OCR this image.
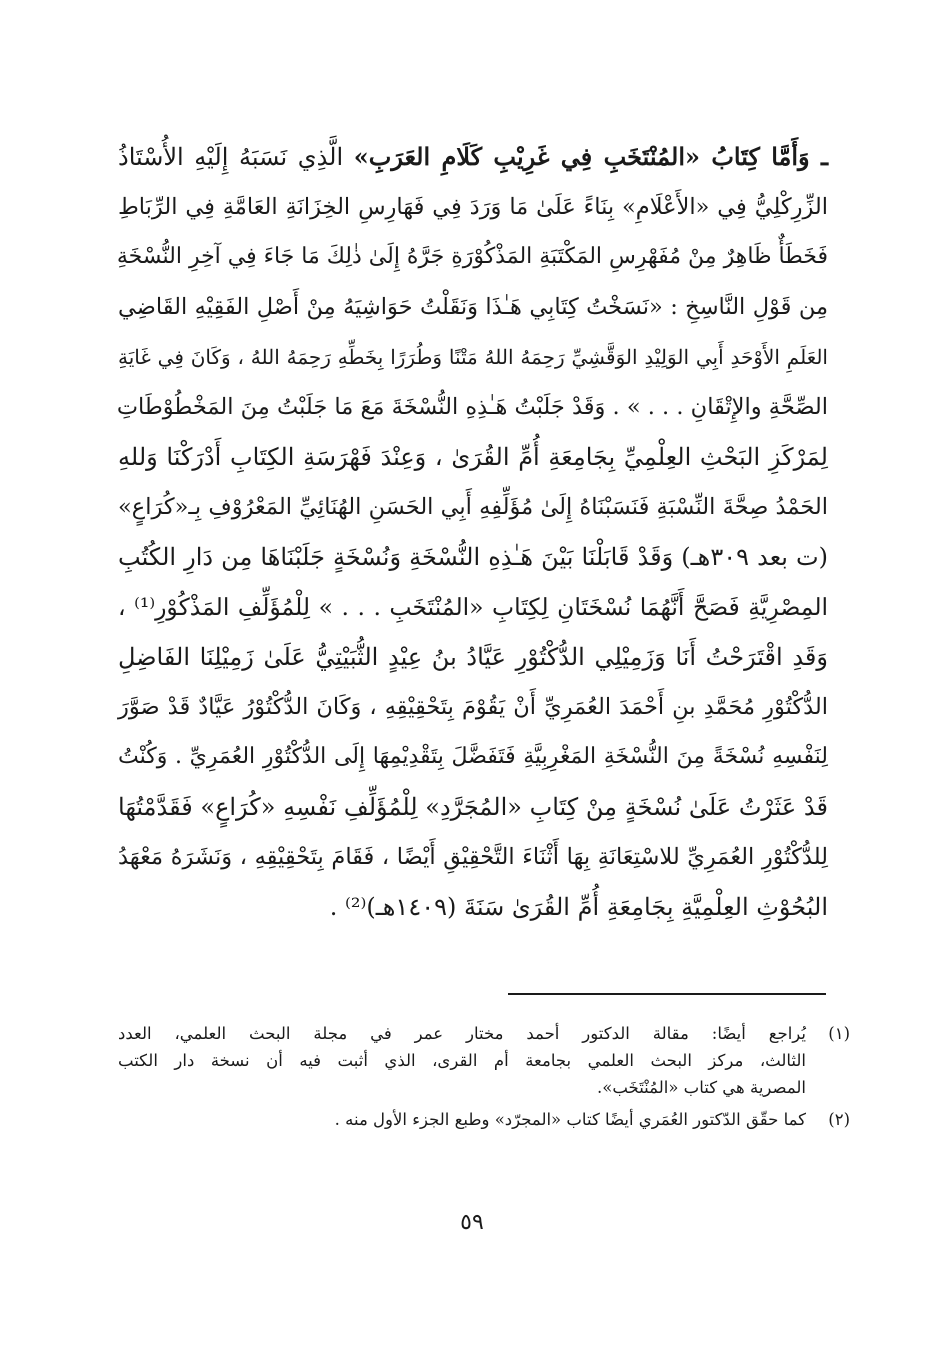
ـ وَأَمَّا كِتَابُ «المُنْتَخَبِ فِي غَرِيْبِ كَلَامِ العَرَبِ» الَّذِي نَسَبَهُ إِلَيْهِ الأُسْتَاذُ
الزِّرِكْلِيُّ فِي «الأَعْلَامِ» بِنَاءً عَلَىٰ مَا وَرَدَ فِي فَهَارِسِ الخِزَانَةِ العَامَّةِ فِي الرِّبَاطِ
فَخَطَأٌ ظَاهِرٌ مِنْ مُفَهْرِسِ المَكْتَبَةِ المَذْكُوْرَةِ جَرَّهُ إِلَىٰ ذٰلِكَ مَا جَاءَ فِي آخِرِ النُّسْخَةِ
مِن قَوْلِ النَّاسِخِ : «نَسَخْتُ كِتَابِي هَـٰذَا وَنَقَلْتُ حَوَاشِيَهُ مِنْ أَصْلِ الفَقِيْهِ القَاضِي
العَلَمِ الأَوْحَدِ أَبِي الوَلِيْدِ الوَقَّشِيِّ رَحِمَهُ اللهُ مَتْنًا وَطُرَرًا بِخَطِّهِ رَحِمَهُ اللهُ ، وَكَانَ فِي غَايَةِ
الصِّحَّةِ والإِتْقَانِ . . . » . وَقَدْ جَلَبْتُ هَـٰذِهِ النُّسْخَةَ مَعَ مَا جَلَبْتُ مِنَ المَخْطُوْطَاتِ
لِمَرْكَزِ البَحْثِ العِلْمِيِّ بِجَامِعَةِ أُمِّ القُرَىٰ ، وَعِنْدَ فَهْرَسَةِ الكِتَابِ أَدْرَكْنَا وَللهِ
الحَمْدُ صِحَّةَ النِّسْبَةِ فَنَسَبْنَاهُ إِلَىٰ مُؤَلِّفِهِ أَبِي الحَسَنِ الهُنَائِيِّ المَعْرُوْفِ بِـ«كُرَاعٍ»
(ت بعد ٣٠٩هـ) وَقَدْ قَابَلْنَا بَيْنَ هَـٰذِهِ النُّسْخَةِ وَنُسْخَةٍ جَلَبْنَاهَا مِن دَارِ الكُتُبِ
المِصْرِيَّةِ فَصَحَّ أَنَّهُمَا نُسْخَتَانِ لِكِتَابِ «المُنْتَخَبِ . . . » لِلْمُؤَلِّفِ المَذْكُوْرِ⁽¹⁾ ،
وَقَدِ اقْتَرَحْتُ أَنَا وَزَمِيْلِي الدُّكْتُوْرِ عَيَّادُ بنُ عِيْدٍ الثُّبَيْتِيُّ عَلَىٰ زَمِيْلِنَا الفَاضِلِ
الدُّكْتُوْرِ مُحَمَّدِ بنِ أَحْمَدَ العُمَرِيِّ أَنْ يَقُوْمَ بِتَحْقِيْقِهِ ، وَكَانَ الدُّكْتُوْرُ عَيَّادٌ قَدْ صَوَّرَ
لِنَفْسِهِ نُسْخَةً مِنَ النُّسْخَةِ المَغْرِبِيَّةِ فَتَفَضَّلَ بِتَقْدِيْمِهَا إِلَى الدُّكْتُوْرِ العُمَرِيِّ . وَكُنْتُ
قَدْ عَثَرْتُ عَلَىٰ نُسْخَةٍ مِنْ كِتَابِ «المُجَرَّدِ» لِلْمُؤَلِّفِ نَفْسِهِ «كُرَاعٍ» فَقَدَّمْتُهَا
لِلدُّكْتُوْرِ العُمَرِيِّ للاسْتِعَانَةِ بِهَا أَثْنَاءَ التَّحْقِيْقِ أَيْضًا ، فَقَامَ بِتَحْقِيْقِهِ ، وَنَشَرَهُ مَعْهَدُ
البُحُوْثِ العِلْمِيَّةِ بِجَامِعَةِ أُمِّ القُرَىٰ سَنَةَ (١٤٠٩هـ)⁽²⁾ .
(١)
يُراجع أيضًا: مقالة الدكتور أحمد مختار عمر في مجلة البحث العلمي، العدد
الثالث، مركز البحث العلمي بجامعة أم القرى، الذي أثبت فيه أن نسخة دار الكتب
المصرية هي كتاب «المُنْتَخَب».
(٢)
كما حقّق الدّكتور العُمَري أيضًا كتاب «المجرّد» وطبع الجزء الأول منه .
٥٩
